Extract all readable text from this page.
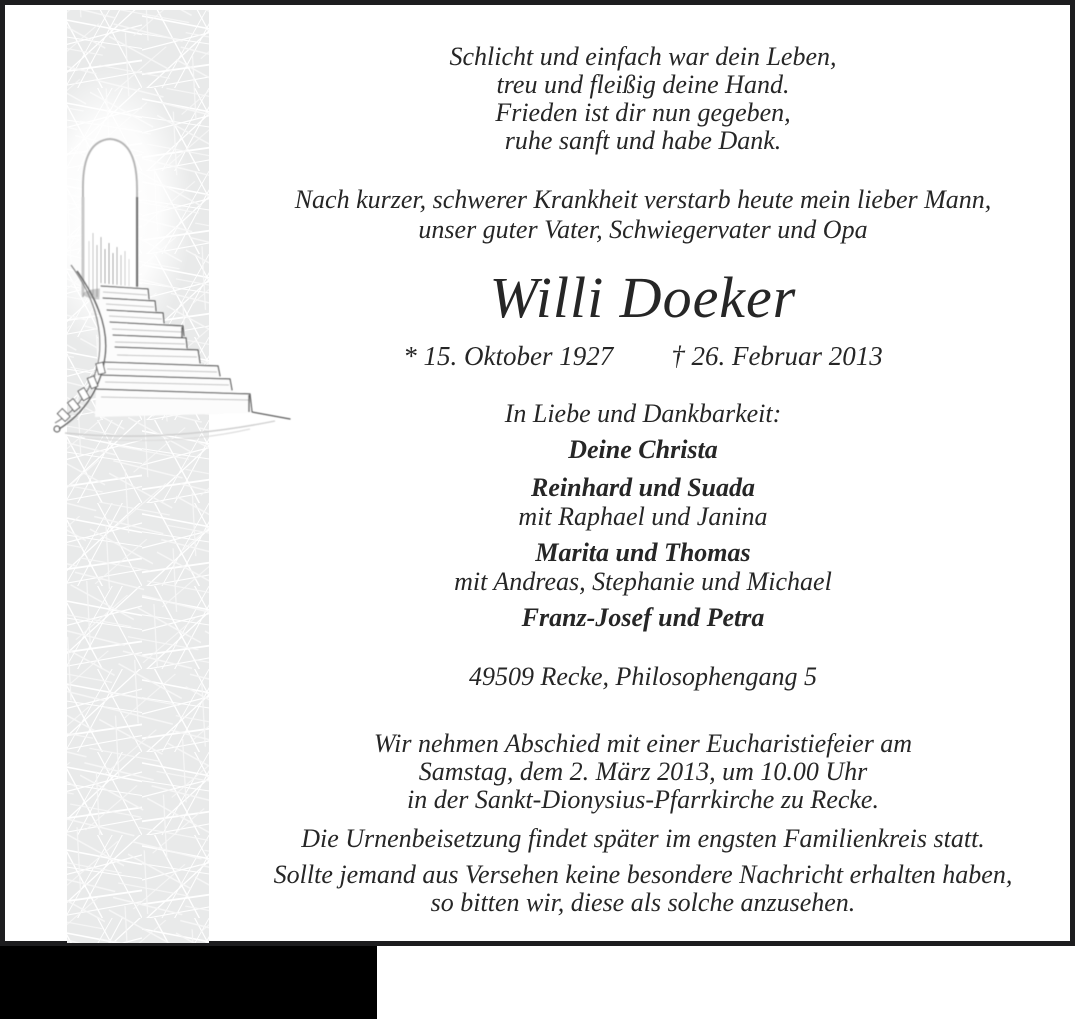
Schlicht und einfach war dein Leben,
treu und fleißig deine Hand.
Frieden ist dir nun gegeben,
ruhe sanft und habe Dank.
Nach kurzer, schwerer Krankheit verstarb heute mein lieber Mann,
unser guter Vater, Schwiegervater und Opa
Willi Doeker
* 15. Oktober 1927 † 26. Februar 2013
In Liebe und Dankbarkeit:
Deine Christa
Reinhard und Suada
mit Raphael und Janina
Marita und Thomas
mit Andreas, Stephanie und Michael
Franz-Josef und Petra
49509 Recke, Philosophengang 5
Wir nehmen Abschied mit einer Eucharistiefeier am
Samstag, dem 2. März 2013, um 10.00 Uhr
in der Sankt-Dionysius-Pfarrkirche zu Recke.
Die Urnenbeisetzung findet später im engsten Familienkreis statt.
Sollte jemand aus Versehen keine besondere Nachricht erhalten haben,
so bitten wir, diese als solche anzusehen.
